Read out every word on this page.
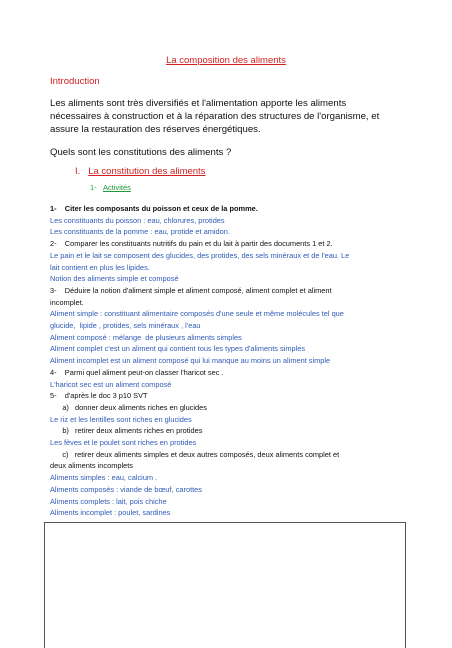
La composition des aliments
Introduction
Les aliments sont très diversifiés et l'alimentation apporte les aliments
nécessaires à construction et à la réparation des structures de l'organisme, et
assure la restauration des réserves énergétiques.
Quels sont les constitutions des aliments ?
I. La constitution des aliments
1- Activités
1-    Citer les composants du poisson et ceux de la pomme.
Les constituants du poisson : eau, chlorures, protides
Les constituants de la pomme : eau, protide et amidon.
2-    Comparer les constituants nutritifs du pain et du lait à partir des documents 1 et 2.
Le pain et le lait se composent des glucides, des protides, des sels minéraux et de l'eau. Le
lait contient en plus les lipides.
Notion des aliments simple et composé
3-    Déduire la notion d'aliment simple et aliment composé, aliment complet et aliment
incomplet.
Aliment simple : constituant alimentaire composés d'une seule et même molécules tel que
glucide,  lipide , protides, sels minéraux , l'eau
Aliment composé : mélange  de plusieurs aliments simples
Aliment complet c'est un aliment qui contient tous les types d'aliments simples
Aliment incomplet est un aliment composé qui lui manque au moins un aliment simple
4-    Parmi quel aliment peut-on classer l'haricot sec .
L'haricot sec est un aliment composé
5-    d'après le doc 3 p10 SVT
a)   donner deux aliments riches en glucides
Le riz et les lentilles sont riches en glucides
b)   retirer deux aliments riches en protides
Les fèves et le poulet sont riches en protides
c)   retirer deux aliments simples et deux autres composés, deux aliments complet et
deux aliments incomplets
Aliments simples : eau, calcium .
Aliments composés : viande de bœuf, carottes
Aliments complets : lait, pois chiche
Aliments incomplet : poulet, sardines
